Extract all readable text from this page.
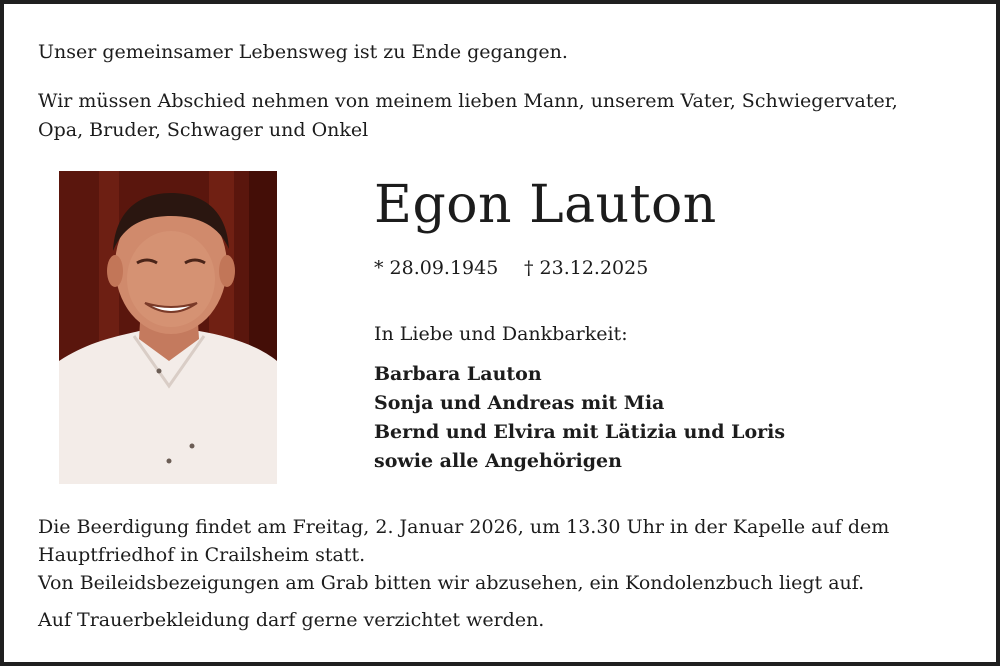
Unser gemeinsamer Lebensweg ist zu Ende gegangen.
Wir müssen Abschied nehmen von meinem lieben Mann, unserem Vater, Schwiegervater,
Opa, Bruder, Schwager und Onkel
Egon Lauton
* 28.09.1945 † 23.12.2025
In Liebe und Dankbarkeit:
Barbara Lauton
Sonja und Andreas mit Mia
Bernd und Elvira mit Lätizia und Loris
sowie alle Angehörigen
Die Beerdigung findet am Freitag, 2. Januar 2026, um 13.30 Uhr in der Kapelle auf dem
Hauptfriedhof in Crailsheim statt.
Von Beileidsbezeigungen am Grab bitten wir abzusehen, ein Kondolenzbuch liegt auf.
Auf Trauerbekleidung darf gerne verzichtet werden.
